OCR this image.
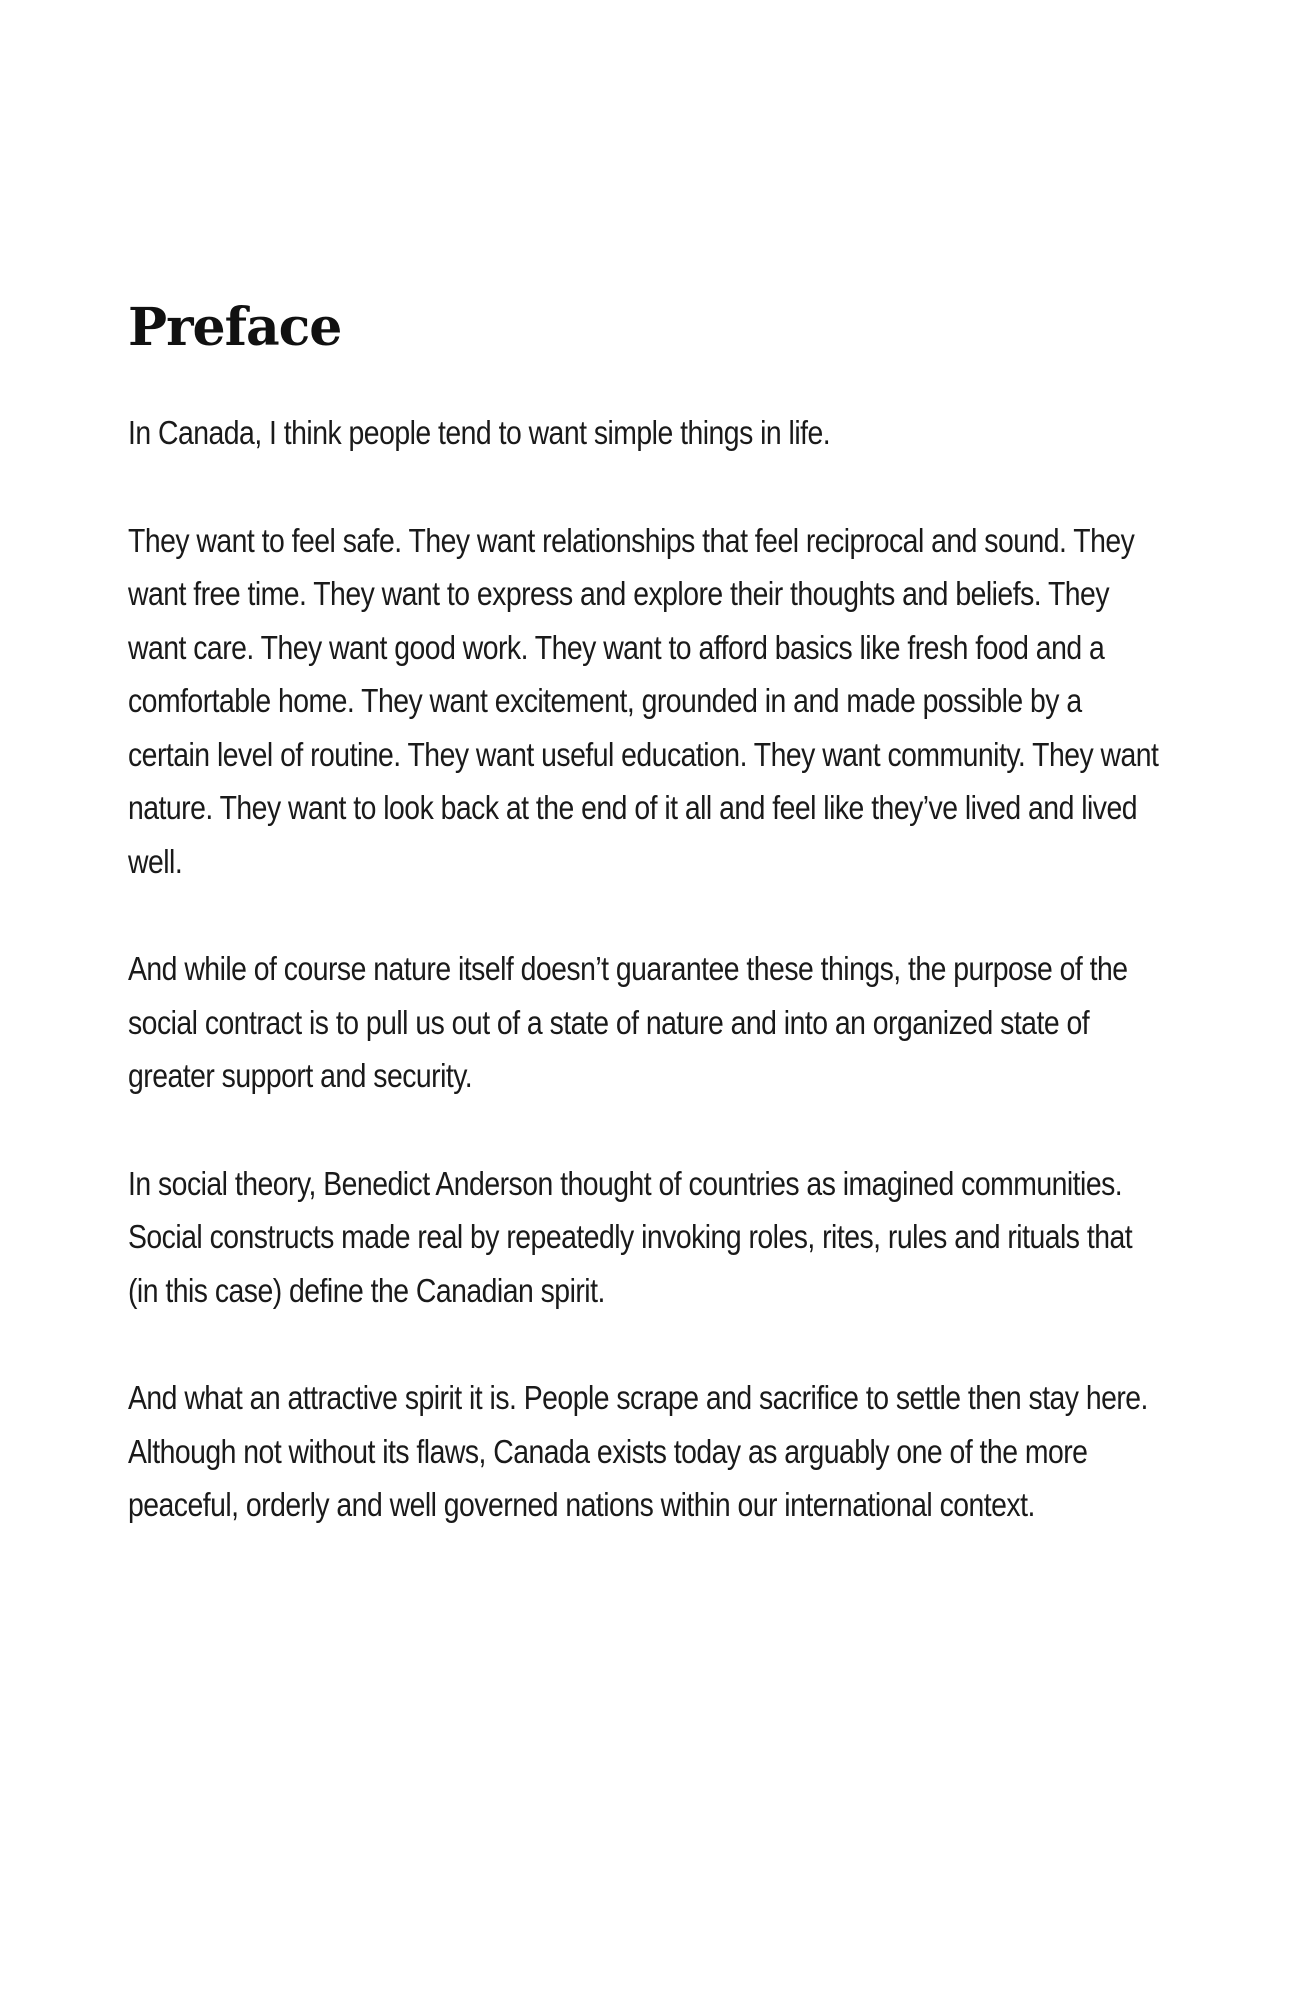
Preface

In Canada, I think people tend to want simple things in life.

They want to feel safe. They want relationships that feel reciprocal and sound. They want free time. They want to express and explore their thoughts and beliefs. They want care. They want good work. They want to afford basics like fresh food and a comfortable home. They want excitement, grounded in and made possible by a certain level of routine. They want useful education. They want community. They want nature. They want to look back at the end of it all and feel like they’ve lived and lived well.

And while of course nature itself doesn’t guarantee these things, the purpose of the social contract is to pull us out of a state of nature and into an organized state of greater support and security.

In social theory, Benedict Anderson thought of countries as imagined communities. Social constructs made real by repeatedly invoking roles, rites, rules and rituals that (in this case) define the Canadian spirit.

And what an attractive spirit it is. People scrape and sacrifice to settle then stay here. Although not without its flaws, Canada exists today as arguably one of the more peaceful, orderly and well governed nations within our international context.
